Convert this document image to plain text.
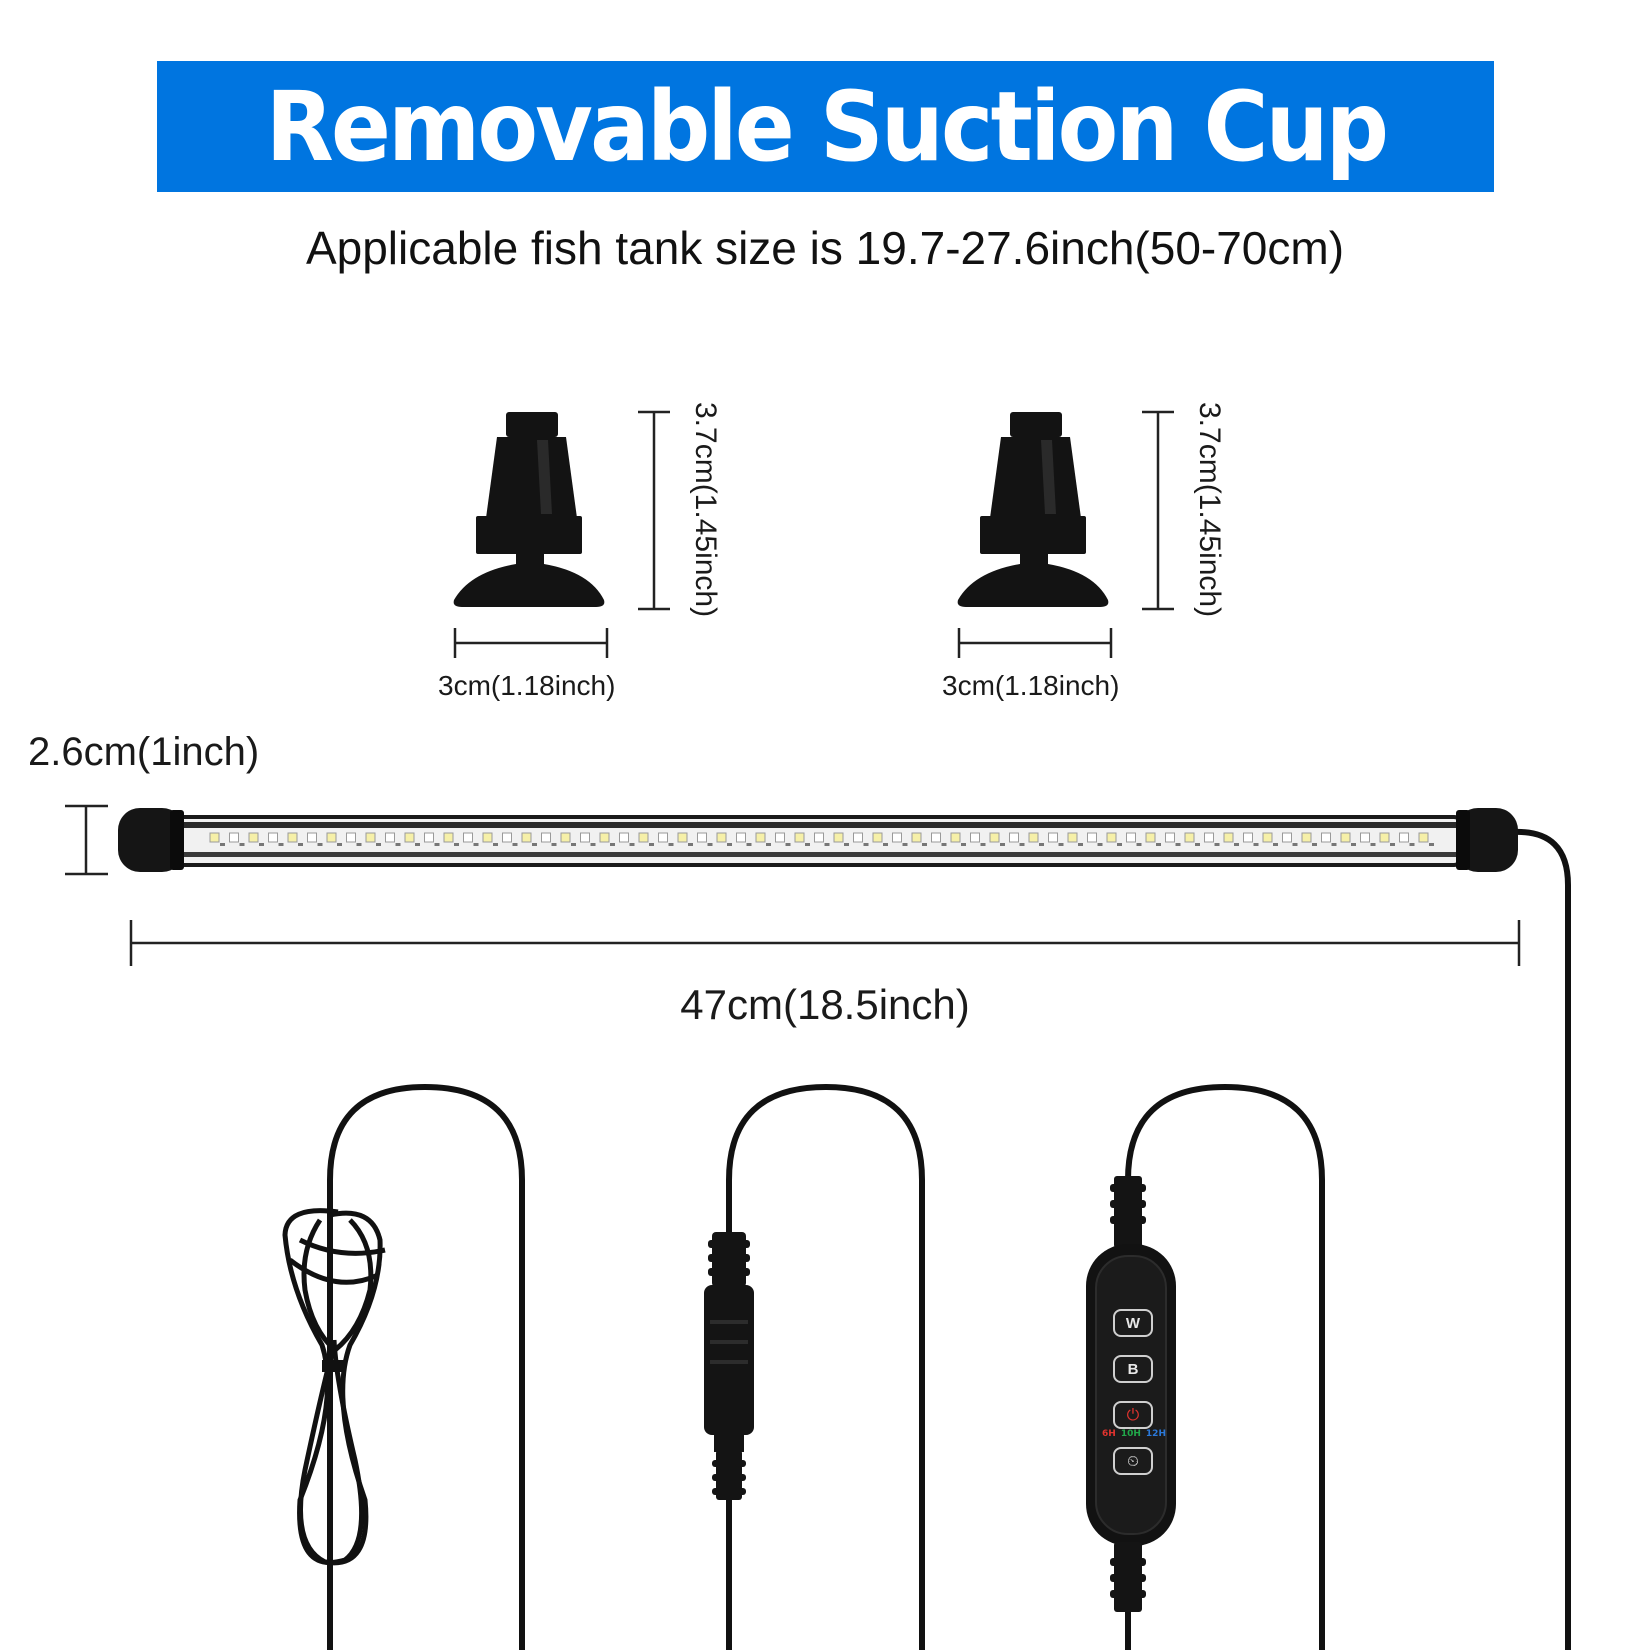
Removable Suction Cup
Applicable fish tank size is 19.7-27.6inch(50-70cm)
W
B
⏻
6H 10H 12H
⏲
3.7cm(1.45inch)
3cm(1.18inch)
3.7cm(1.45inch)
3cm(1.18inch)
2.6cm(1inch)
47cm(18.5inch)
